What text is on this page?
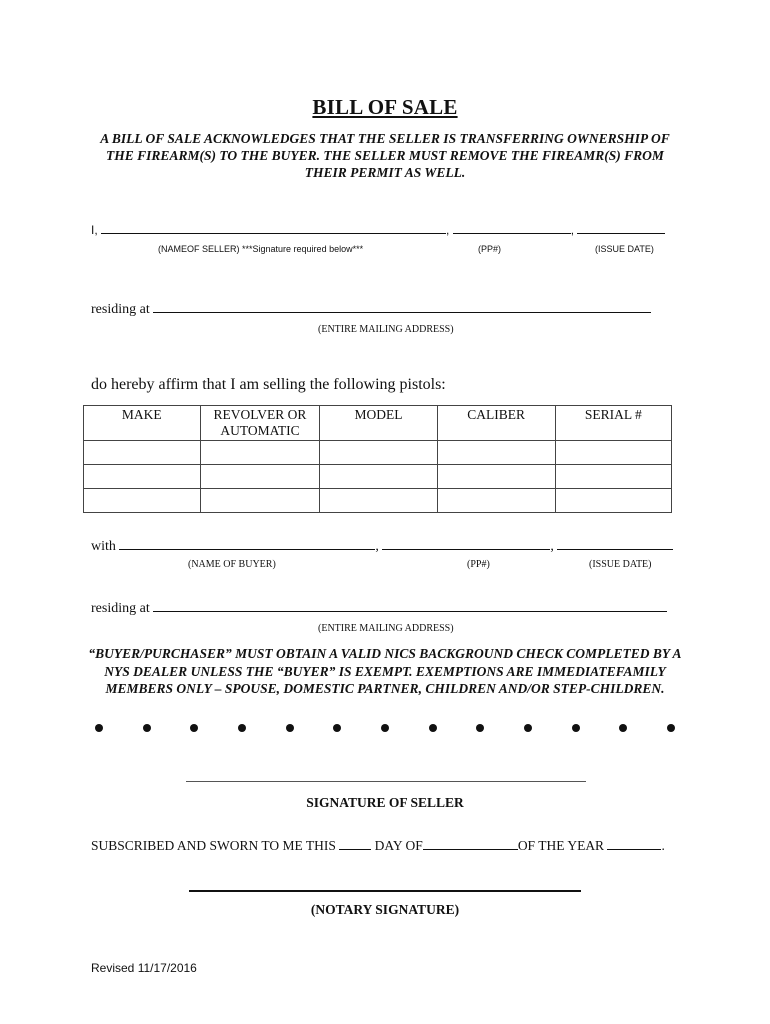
BILL OF SALE
A BILL OF SALE ACKNOWLEDGES THAT THE SELLER IS TRANSFERRING OWNERSHIP OF THE FIREARM(S) TO THE BUYER. THE SELLER MUST REMOVE THE FIREAMR(S) FROM THEIR PERMIT AS WELL.
I,	,	,
(NAMEOF SELLER) ***Signature required below***	(PP#)	(ISSUE DATE)
residing at
(ENTIRE MAILING ADDRESS)
do hereby affirm that I am selling the following pistols:
MAKE	REVOLVER OR AUTOMATIC	MODEL	CALIBER	SERIAL #

with	,	,
(NAME OF BUYER)	(PP#)	(ISSUE DATE)
residing at
(ENTIRE MAILING ADDRESS)
“BUYER/PURCHASER” MUST OBTAIN A VALID NICS BACKGROUND CHECK COMPLETED BY A NYS DEALER UNLESS THE “BUYER” IS EXEMPT. EXEMPTIONS ARE IMMEDIATEFAMILY MEMBERS ONLY – SPOUSE, DOMESTIC PARTNER, CHILDREN AND/OR STEP-CHILDREN.
SIGNATURE OF SELLER
SUBSCRIBED AND SWORN TO ME THIS	DAY OF	OF THE YEAR	.
(NOTARY SIGNATURE)
Revised 11/17/2016
